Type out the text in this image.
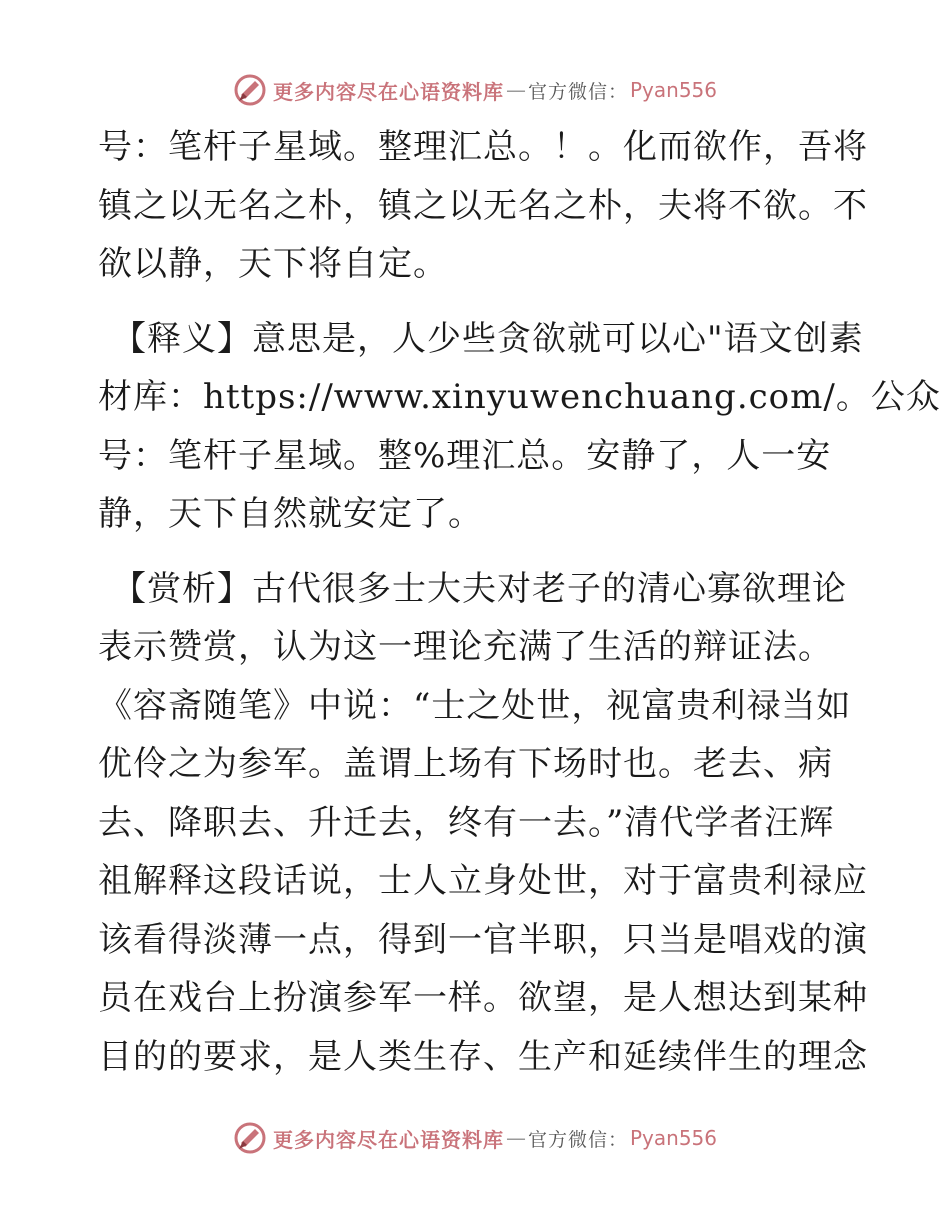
更多内容尽在心语资料库 — 官方微信： Pyan556
号：笔杆子星域。整理汇总。！。化而欲作，吾将
镇之以无名之朴，镇之以无名之朴，夫将不欲。不
欲以静，天下将自定。
【释义】意思是，人少些贪欲就可以心"语文创素
材库：https://www.xinyuwenchuang.com/。公众
号：笔杆子星域。整%理汇总。安静了，人一安
静，天下自然就安定了。
【赏析】古代很多士大夫对老子的清心寡欲理论
表示赞赏，认为这一理论充满了生活的辩证法。
《容斋随笔》中说：“士之处世，视富贵利禄当如
优伶之为参军。盖谓上场有下场时也。老去、病
去、降职去、升迁去，终有一去。”清代学者汪辉
祖解释这段话说，士人立身处世，对于富贵利禄应
该看得淡薄一点，得到一官半职，只当是唱戏的演
员在戏台上扮演参军一样。欲望，是人想达到某种
目的的要求，是人类生存、生产和延续伴生的理念
更多内容尽在心语资料库 — 官方微信： Pyan556
